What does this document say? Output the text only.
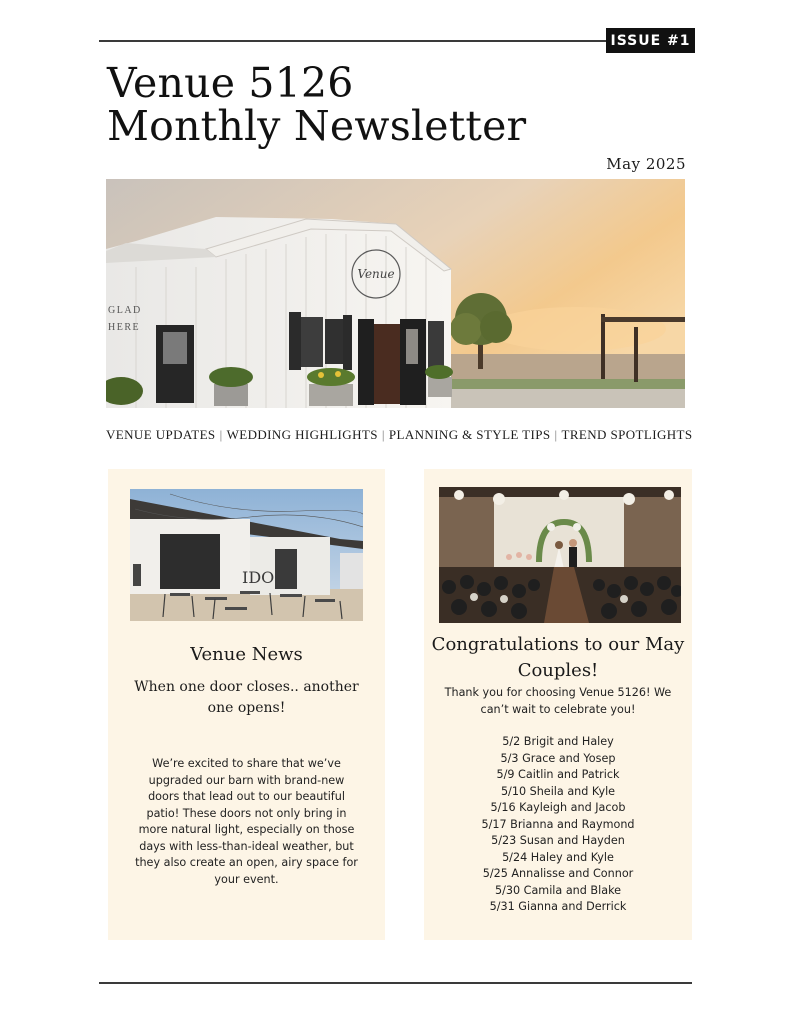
ISSUE #1
Venue 5126
Monthly Newsletter
May 2025
Venue
GLAD
HERE
VENUE UPDATES | WEDDING HIGHLIGHTS | PLANNING & STYLE TIPS | TREND SPOTLIGHTS
IDO
Venue News
When one door closes.. another one opens!
We’re excited to share that we’ve upgraded our barn with brand-new doors that lead out to our beautiful patio! These doors not only bring in more natural light, especially on those days with less-than-ideal weather, but they also create an open, airy space for your event.
Congratulations to our May Couples!
Thank you for choosing Venue 5126! We can’t wait to celebrate you!
5/2 Brigit and Haley
5/3 Grace and Yosep
5/9 Caitlin and Patrick
5/10 Sheila and Kyle
5/16 Kayleigh and Jacob
5/17 Brianna and Raymond
5/23 Susan and Hayden
5/24 Haley and Kyle
5/25 Annalisse and Connor
5/30 Camila and Blake
5/31 Gianna and Derrick
